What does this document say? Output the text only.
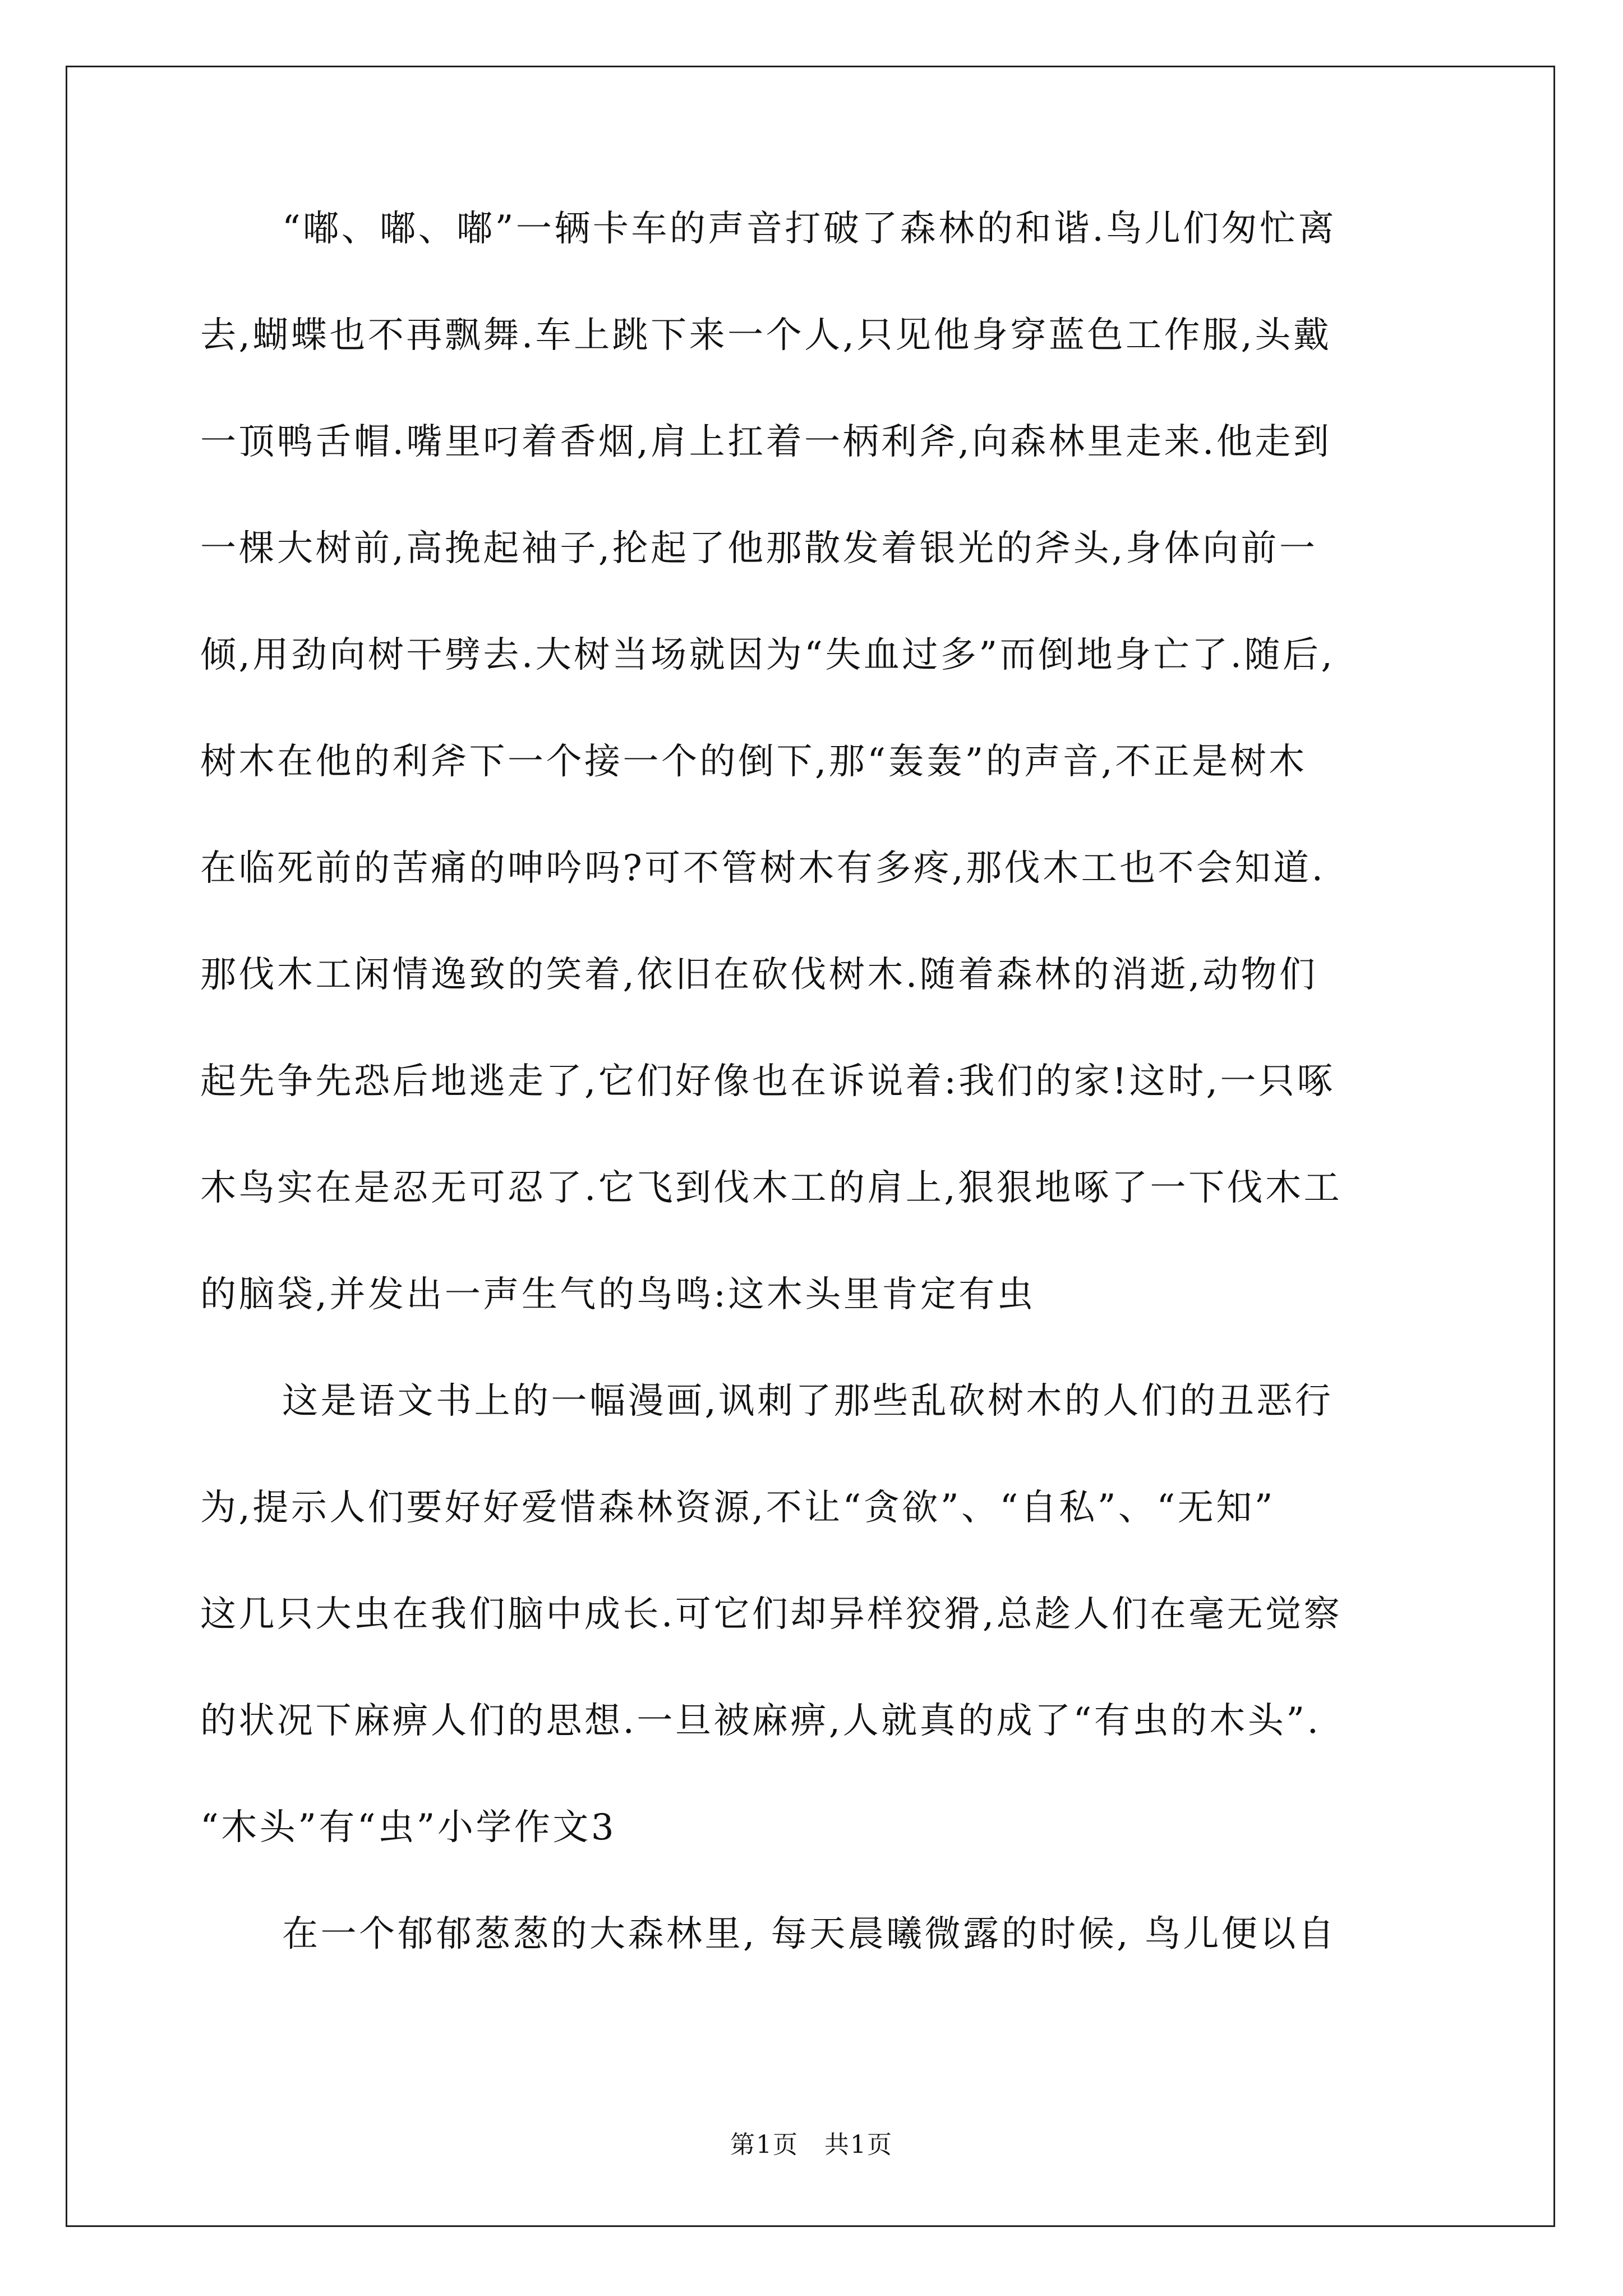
“嘟、嘟、嘟”一辆卡车的声音打破了森林的和谐.鸟儿们匆忙离
去,蝴蝶也不再飘舞.车上跳下来一个人,只见他身穿蓝色工作服,头戴
一顶鸭舌帽.嘴里叼着香烟,肩上扛着一柄利斧,向森林里走来.他走到
一棵大树前,高挽起袖子,抡起了他那散发着银光的斧头,身体向前一
倾,用劲向树干劈去.大树当场就因为“失血过多”而倒地身亡了.随后,
树木在他的利斧下一个接一个的倒下,那“轰轰”的声音,不正是树木
在临死前的苦痛的呻吟吗?可不管树木有多疼,那伐木工也不会知道.
那伐木工闲情逸致的笑着,依旧在砍伐树木.随着森林的消逝,动物们
起先争先恐后地逃走了,它们好像也在诉说着:我们的家!这时,一只啄
木鸟实在是忍无可忍了.它飞到伐木工的肩上,狠狠地啄了一下伐木工
的脑袋,并发出一声生气的鸟鸣:这木头里肯定有虫
这是语文书上的一幅漫画,讽刺了那些乱砍树木的人们的丑恶行
为,提示人们要好好爱惜森林资源,不让“贪欲”、“自私”、“无知”
这几只大虫在我们脑中成长.可它们却异样狡猾,总趁人们在毫无觉察
的状况下麻痹人们的思想.一旦被麻痹,人就真的成了“有虫的木头”.
“木头”有“虫”小学作文3
在一个郁郁葱葱的大森林里, 每天晨曦微露的时候, 鸟儿便以自
第1页　共1页
